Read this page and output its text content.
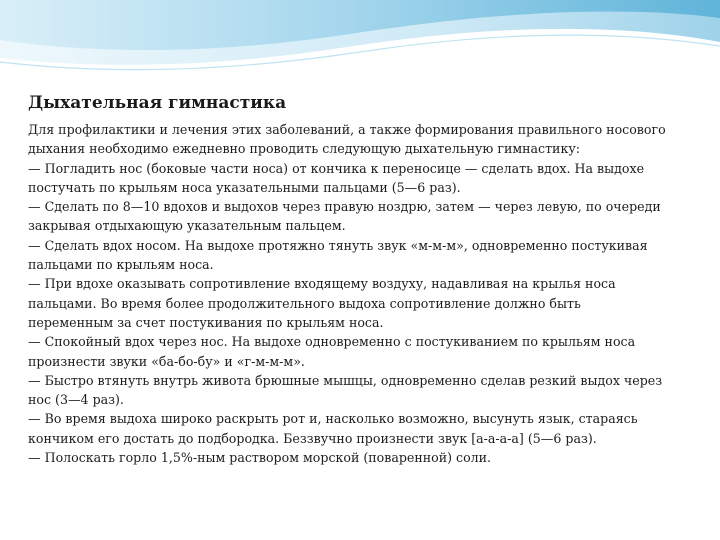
Дыхательная гимнастика

Для профилактики и лечения этих заболеваний, а также формирования правильного носового

дыхания необходимо ежедневно проводить следующую дыхательную гимнастику:

— Погладить нос (боковые части носа) от кончика к переносице — сделать вдох. На выдохе

постучать по крыльям носа указательными пальцами (5—6 раз).

— Сделать по 8—10 вдохов и выдохов через правую ноздрю, затем — через левую, по очереди

закрывая отдыхающую указательным пальцем.

— Сделать вдох носом. На выдохе протяжно тянуть звук «м-м-м», одновременно постукивая

пальцами по крыльям носа.

— При вдохе оказывать сопротивление входящему воздуху, надавливая на крылья носа

пальцами. Во время более продолжительного выдоха сопротивление должно быть

переменным за счет постукивания по крыльям носа.

— Спокойный вдох через нос. На выдохе одновременно с постукиванием по крыльям носа

произнести звуки «ба-бо-бу» и «г-м-м-м».

— Быстро втянуть внутрь живота брюшные мышцы, одновременно сделав резкий выдох через

нос (3—4 раз).

— Во время выдоха широко раскрыть рот и, насколько возможно, высунуть язык, стараясь

кончиком его достать до подбородка. Беззвучно произнести звук [а-а-а-а] (5—6 раз).

— Полоскать горло 1,5%-ным раствором морской (поваренной) соли.
